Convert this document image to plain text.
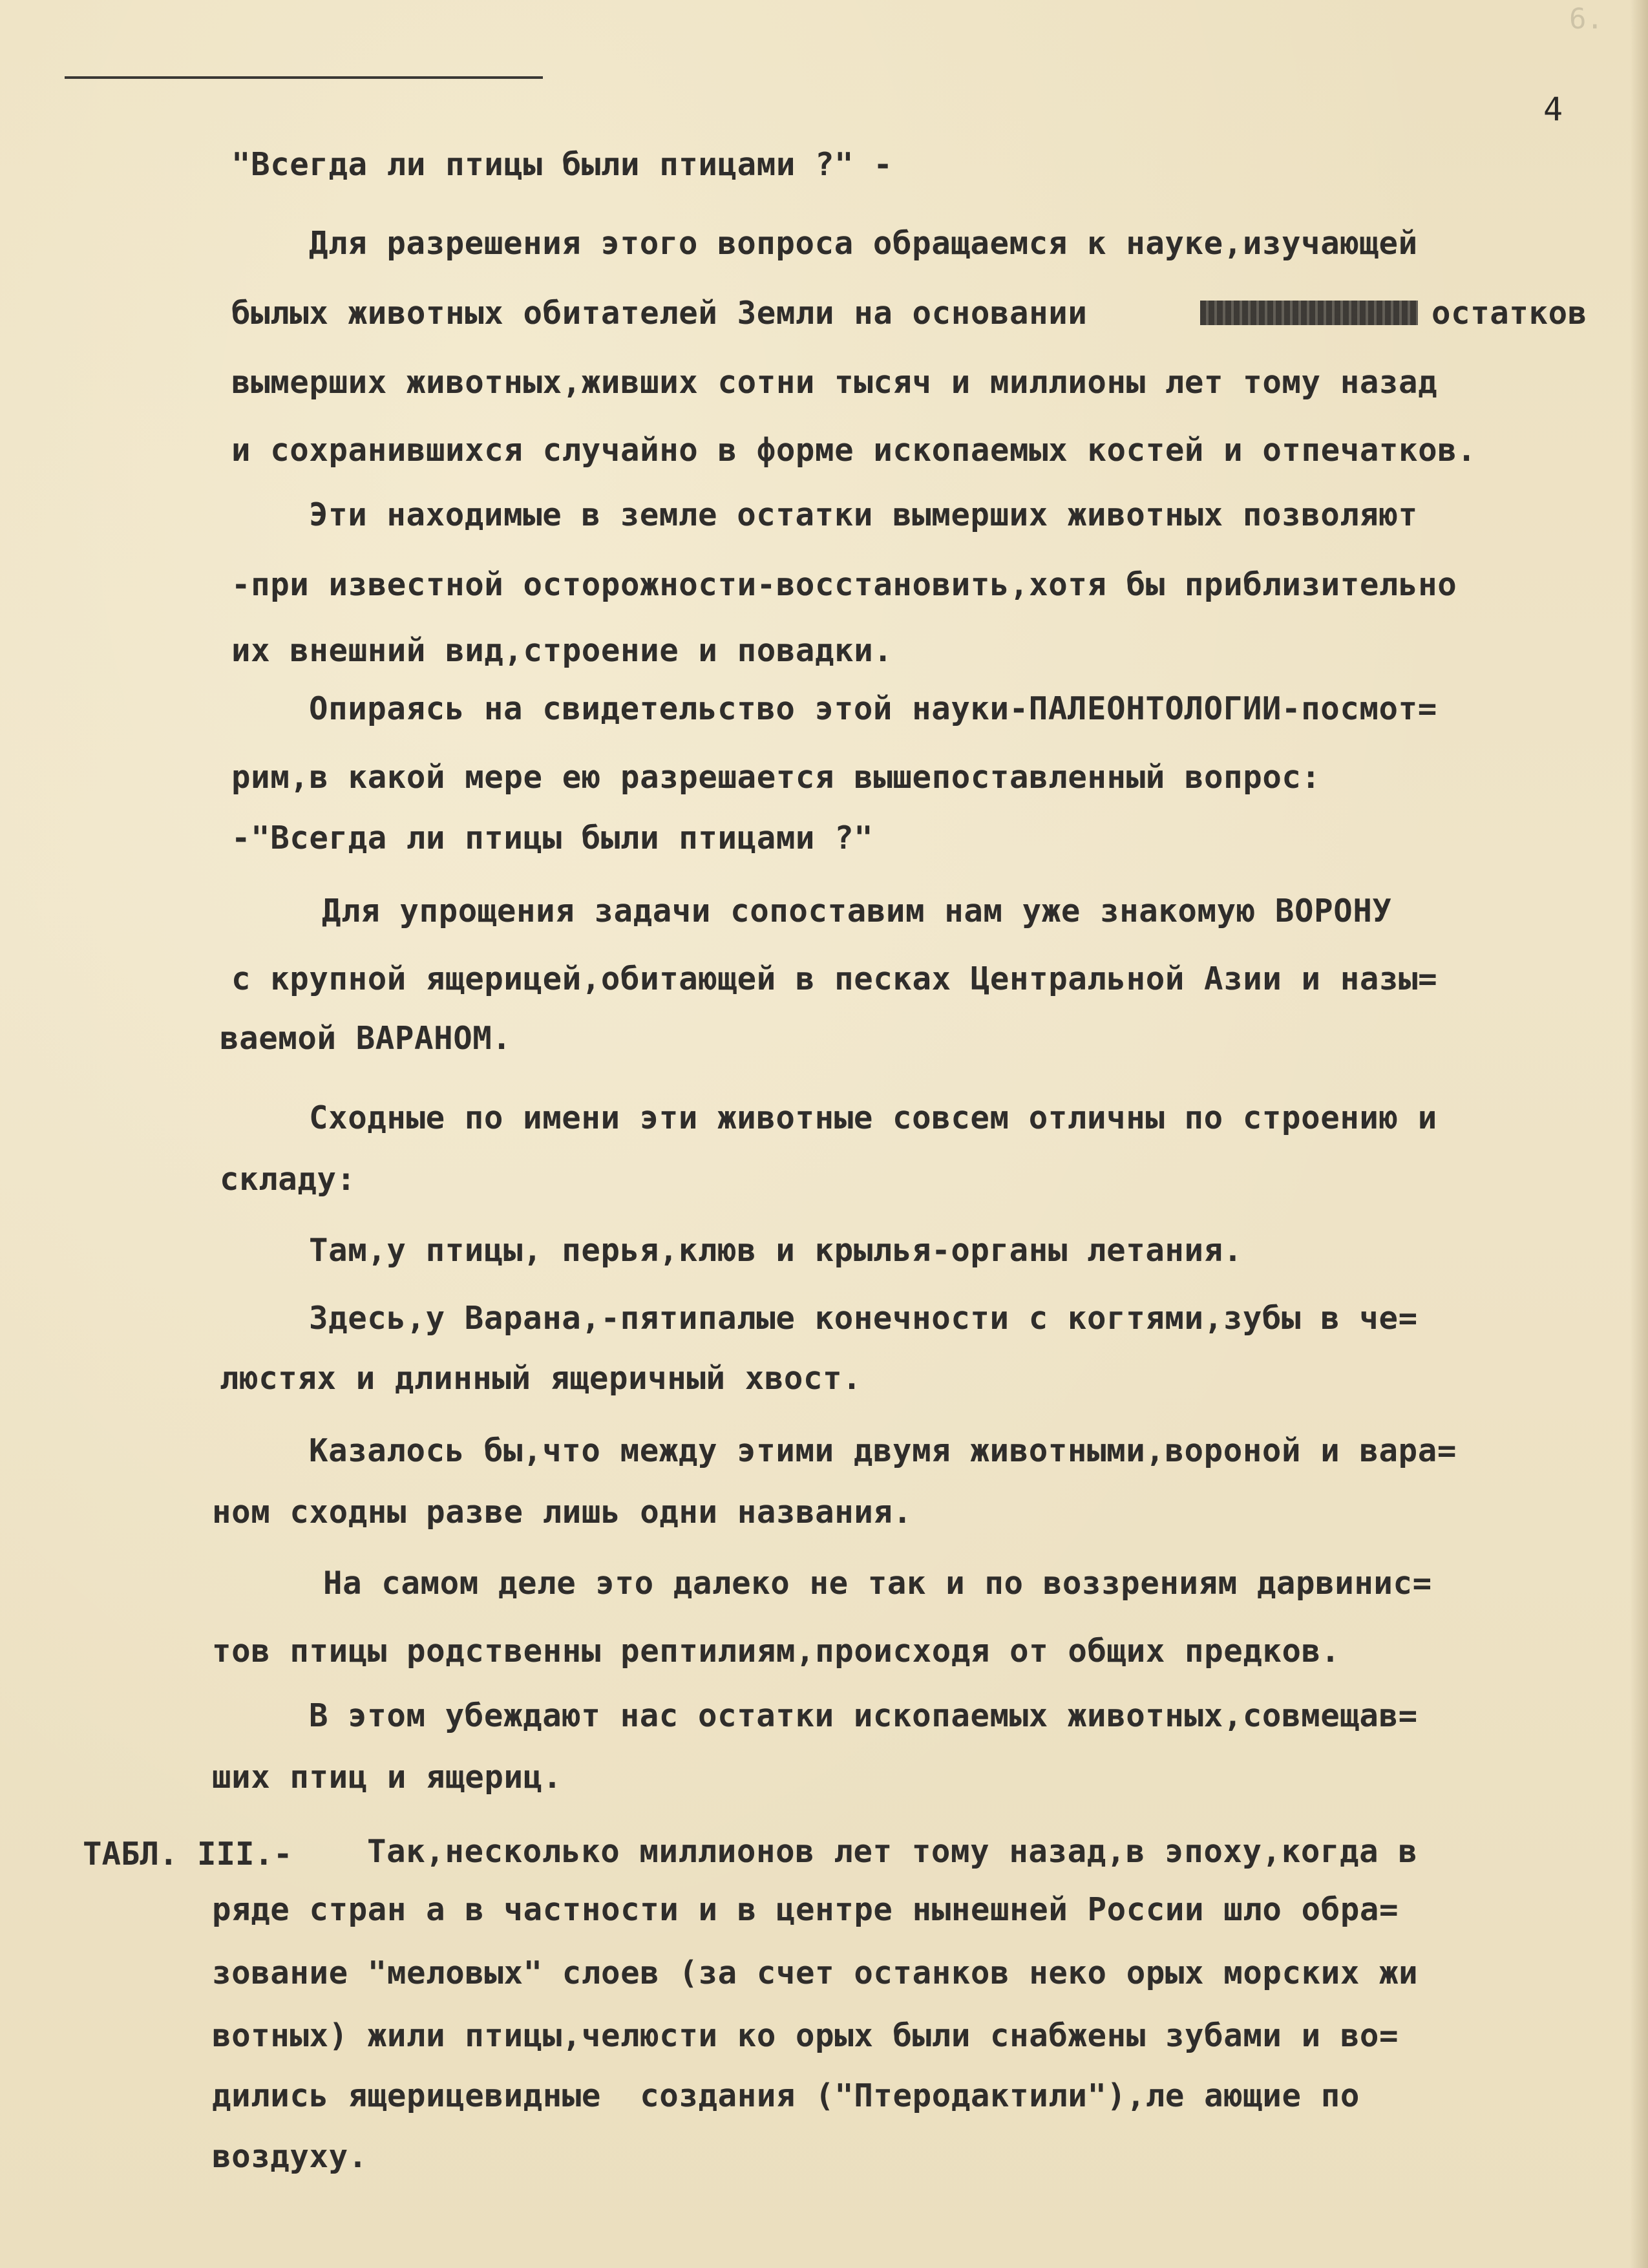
6.
4
"Всегда ли птицы были птицами ?" -
Для разрешения этого вопроса обращаемся к науке,изучающей
былых животных обитателей Земли на основании	остатков
вымерших животных,живших сотни тысяч и миллионы лет тому назад
и сохранившихся случайно в форме ископаемых костей и отпечатков.
Эти находимые в земле остатки вымерших животных позволяют
-при известной осторожности-восстановить,хотя бы приблизительно
их внешний вид,строение и повадки.
Опираясь на свидетельство этой науки-ПАЛЕОНТОЛОГИИ-посмот=
рим,в какой мере ею разрешается вышепоставленный вопрос:
-"Всегда ли птицы были птицами ?"
Для упрощения задачи сопоставим нам уже знакомую ВОРОНУ
с крупной ящерицей,обитающей в песках Центральной Азии и назы=
ваемой ВАРАНОМ.
Сходные по имени эти животные совсем отличны по строению и
складу:
Там,у птицы, перья,клюв и крылья-органы летания.
Здесь,у Варана,-пятипалые конечности с когтями,зубы в че=
люстях и длинный ящеричный хвост.
Казалось бы,что между этими двумя животными,вороной и вара=
ном сходны разве лишь одни названия.
На самом деле это далеко не так и по воззрениям дарвинис=
тов птицы родственны рептилиям,происходя от общих предков.
В этом убеждают нас остатки ископаемых животных,совмещав=
ших птиц и ящериц.
ТАБЛ. III.- Так,несколько миллионов лет тому назад,в эпоху,когда в
ряде стран а в частности и в центре нынешней России шло обра=
зование "меловых" слоев (за счет останков неко орых морских жи
вотных) жили птицы,челюсти ко орых были снабжены зубами и во=
дились ящерицевидные  создания ("Птеродактили"),ле ающие по
воздуху.
